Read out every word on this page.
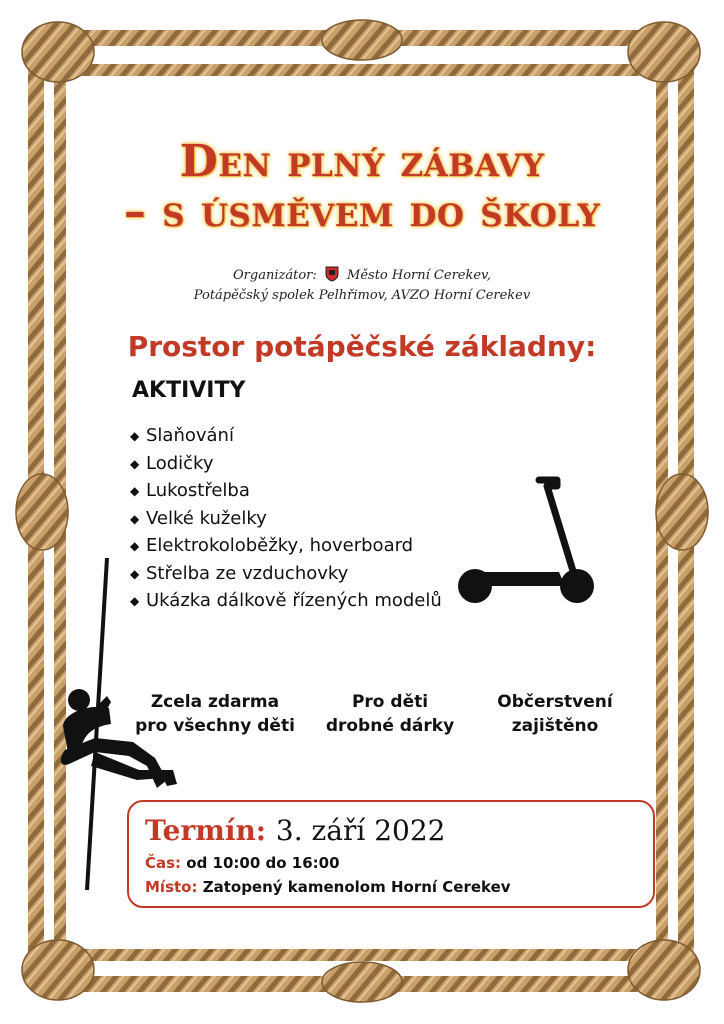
Den plný zábavy
– s úsměvem do školy
Organizátor: Město Horní Cerekev,
Potápěčský spolek Pelhřimov, AVZO Horní Cerekev
Prostor potápěčské základny:
AKTIVITY
◆ Slaňování
◆ Lodičky
◆ Lukostřelba
◆ Velké kuželky
◆ Elektrokoloběžky, hoverboard
◆ Střelba ze vzduchovky
◆ Ukázka dálkově řízených modelů
Zcela zdarma
pro všechny děti
Pro děti
drobné dárky
Občerstvení
zajištěno
Termín: 3. září 2022
Čas: od 10:00 do 16:00
Místo: Zatopený kamenolom Horní Cerekev
